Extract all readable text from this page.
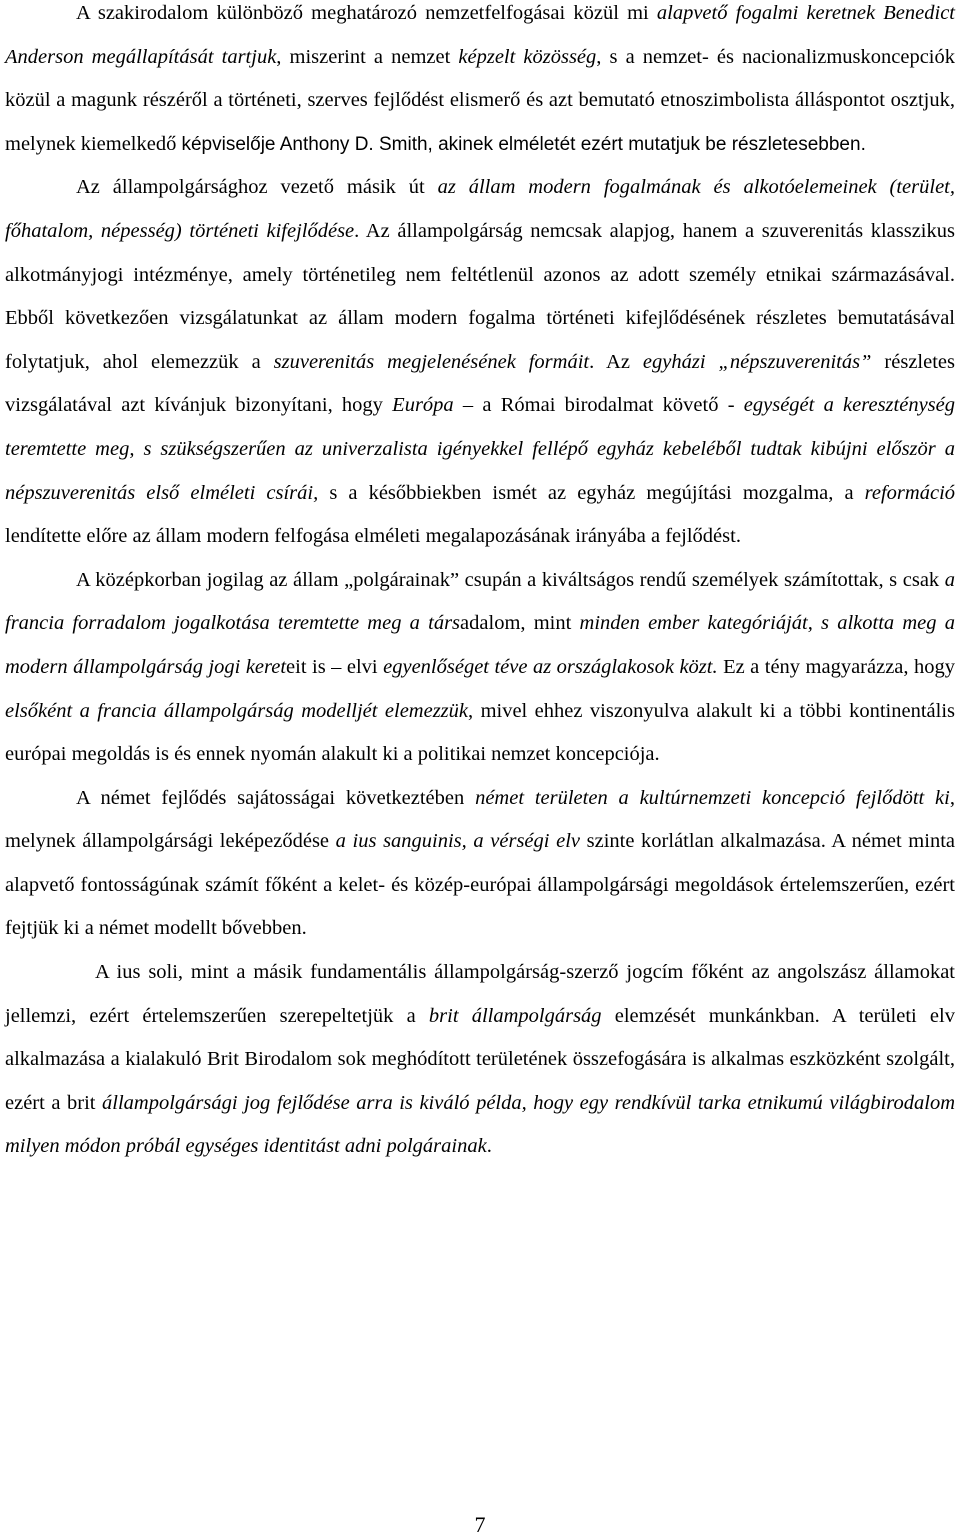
A szakirodalom különböző meghatározó nemzetfelfogásai közül mi alapvető fogalmi keretnek Benedict Anderson megállapítását tartjuk, miszerint a nemzet képzelt közösség, s a nemzet- és nacionalizmuskoncepciók közül a magunk részéről a történeti, szerves fejlődést elismerő és azt bemutató etnoszimbolista álláspontot osztjuk, melynek kiemelkedő képviselője Anthony D. Smith, akinek elméletét ezért mutatjuk be részletesebben.

Az állampolgársághoz vezető másik út az állam modern fogalmának és alkotóelemeinek (terület, főhatalom, népesség) történeti kifejlődése. Az állampolgárság nemcsak alapjog, hanem a szuverenitás klasszikus alkotmányjogi intézménye, amely történetileg nem feltétlenül azonos az adott személy etnikai származásával. Ebből következően vizsgálatunkat az állam modern fogalma történeti kifejlődésének részletes bemutatásával folytatjuk, ahol elemezzük a szuverenitás megjelenésének formáit. Az egyházi „népszuverenitás” részletes vizsgálatával azt kívánjuk bizonyítani, hogy Európa – a Római birodalmat követő - egységét a kereszténység teremtette meg, s szükségszerűen az univerzalista igényekkel fellépő egyház kebeléből tudtak kibújni először a népszuverenitás első elméleti csírái, s a későbbiekben ismét az egyház megújítási mozgalma, a reformáció lendítette előre az állam modern felfogása elméleti megalapozásának irányába a fejlődést.

A középkorban jogilag az állam „polgárainak” csupán a kiváltságos rendű személyek számítottak, s csak a francia forradalom jogalkotása teremtette meg a társadalom, mint minden ember kategóriáját, s alkotta meg a modern állampolgárság jogi kereteit is – elvi egyenlőséget téve az országlakosok közt. Ez a tény magyarázza, hogy elsőként a francia állampolgárság modelljét elemezzük, mivel ehhez viszonyulva alakult ki a többi kontinentális európai megoldás is és ennek nyomán alakult ki a politikai nemzet koncepciója.

A német fejlődés sajátosságai következtében német területen a kultúrnemzeti koncepció fejlődött ki, melynek állampolgársági leképeződése a ius sanguinis, a vérségi elv szinte korlátlan alkalmazása. A német minta alapvető fontosságúnak számít főként a kelet- és közép-európai állampolgársági megoldások értelemszerűen, ezért fejtjük ki a német modellt bővebben.

A ius soli, mint a másik fundamentális állampolgárság-szerző jogcím főként az angolszász államokat jellemzi, ezért értelemszerűen szerepeltetjük a brit állampolgárság elemzését munkánkban. A területi elv alkalmazása a kialakuló Brit Birodalom sok meghódított területének összefogására is alkalmas eszközként szolgált, ezért a brit állampolgársági jog fejlődése arra is kiváló példa, hogy egy rendkívül tarka etnikumú világbirodalom milyen módon próbál egységes identitást adni polgárainak.

7
